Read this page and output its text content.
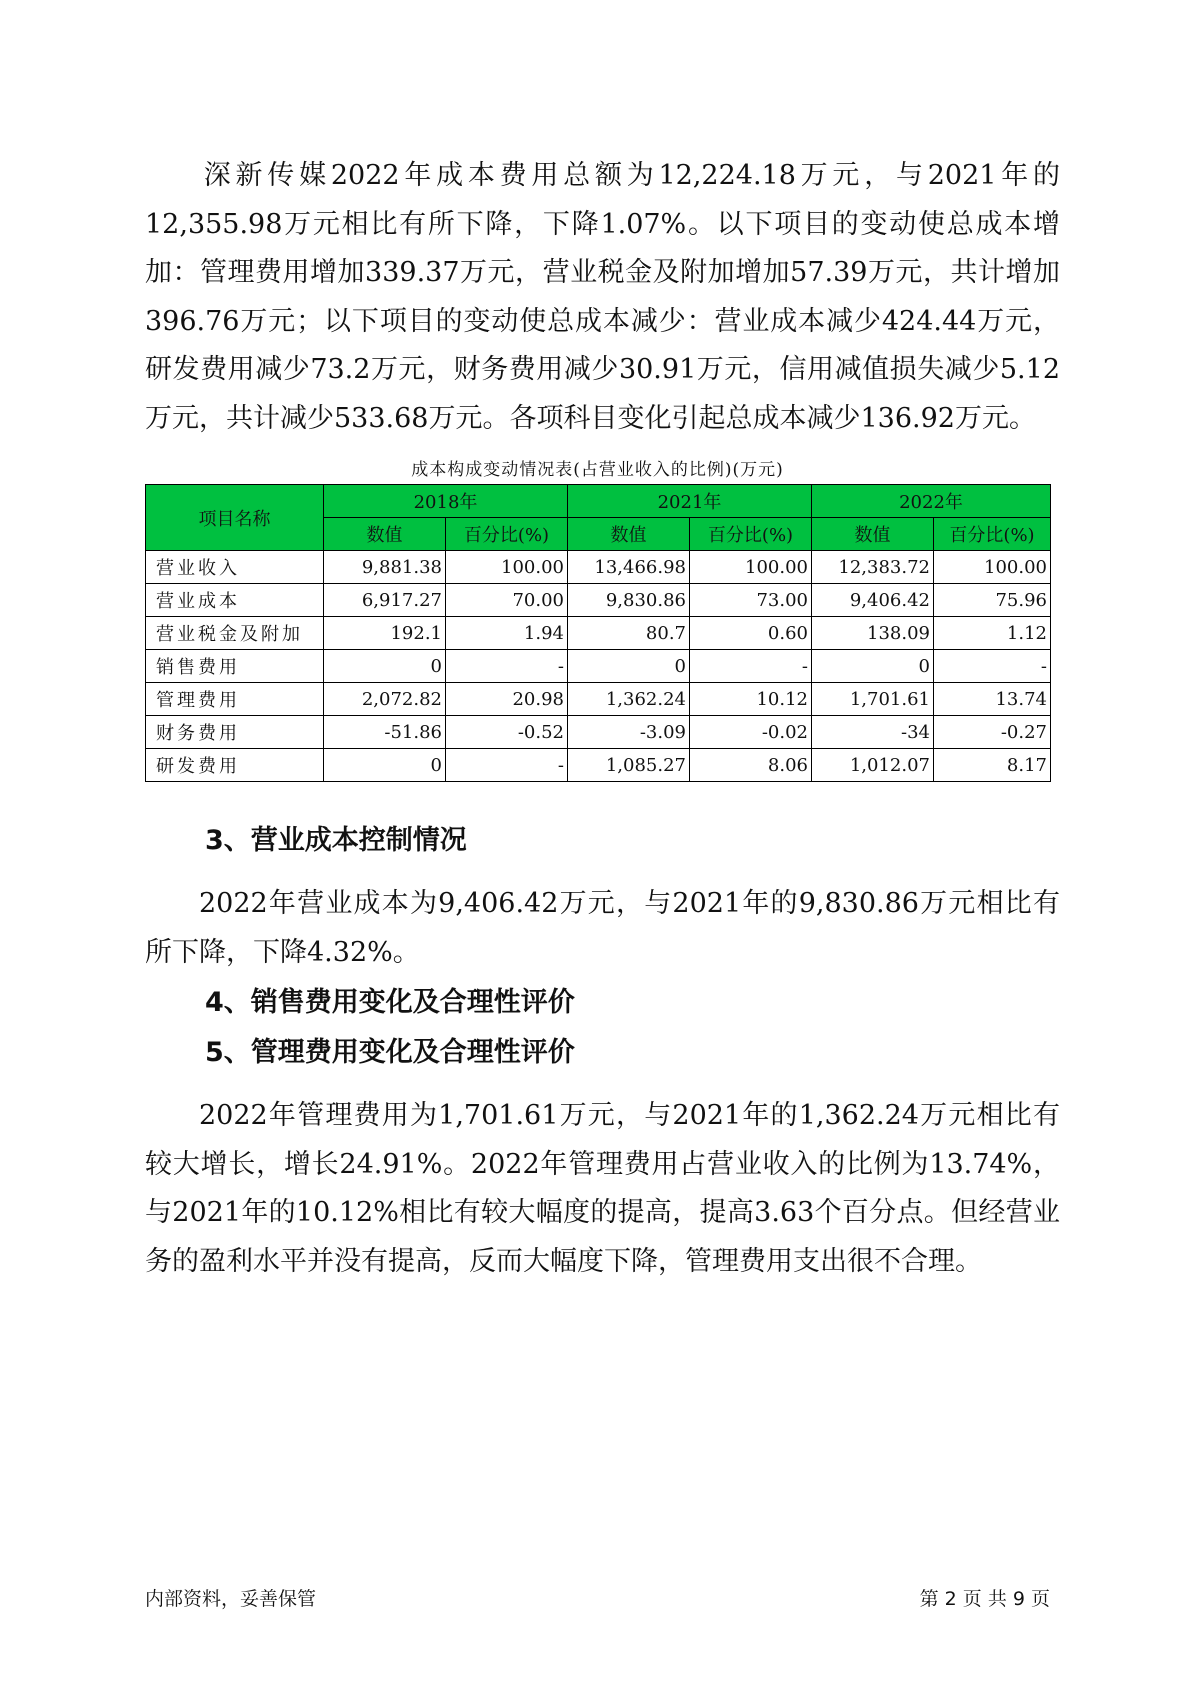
深新传媒2022年成本费用总额为12,224.18万元，与2021年的12,355.98万元相比有所下降，下降1.07%。以下项目的变动使总成本增加：管理费用增加339.37万元，营业税金及附加增加57.39万元，共计增加396.76万元；以下项目的变动使总成本减少：营业成本减少424.44万元，研发费用减少73.2万元，财务费用减少30.91万元，信用减值损失减少5.12万元，共计减少533.68万元。各项科目变化引起总成本减少136.92万元。

成本构成变动情况表(占营业收入的比例)(万元)

项目名称	2018年		2021年		2022年	
	数值	百分比(%)	数值	百分比(%)	数值	百分比(%)
营业收入	9,881.38	100.00	13,466.98	100.00	12,383.72	100.00
营业成本	6,917.27	70.00	9,830.86	73.00	9,406.42	75.96
营业税金及附加	192.1	1.94	80.7	0.60	138.09	1.12
销售费用	0	-	0	-	0	-
管理费用	2,072.82	20.98	1,362.24	10.12	1,701.61	13.74
财务费用	-51.86	-0.52	-3.09	-0.02	-34	-0.27
研发费用	0	-	1,085.27	8.06	1,012.07	8.17

3、营业成本控制情况

2022年营业成本为9,406.42万元，与2021年的9,830.86万元相比有所下降，下降4.32%。

4、销售费用变化及合理性评价

5、管理费用变化及合理性评价

2022年管理费用为1,701.61万元，与2021年的1,362.24万元相比有较大增长，增长24.91%。2022年管理费用占营业收入的比例为13.74%，与2021年的10.12%相比有较大幅度的提高，提高3.63个百分点。但经营业务的盈利水平并没有提高，反而大幅度下降，管理费用支出很不合理。

内部资料，妥善保管	第 2 页 共 9 页
